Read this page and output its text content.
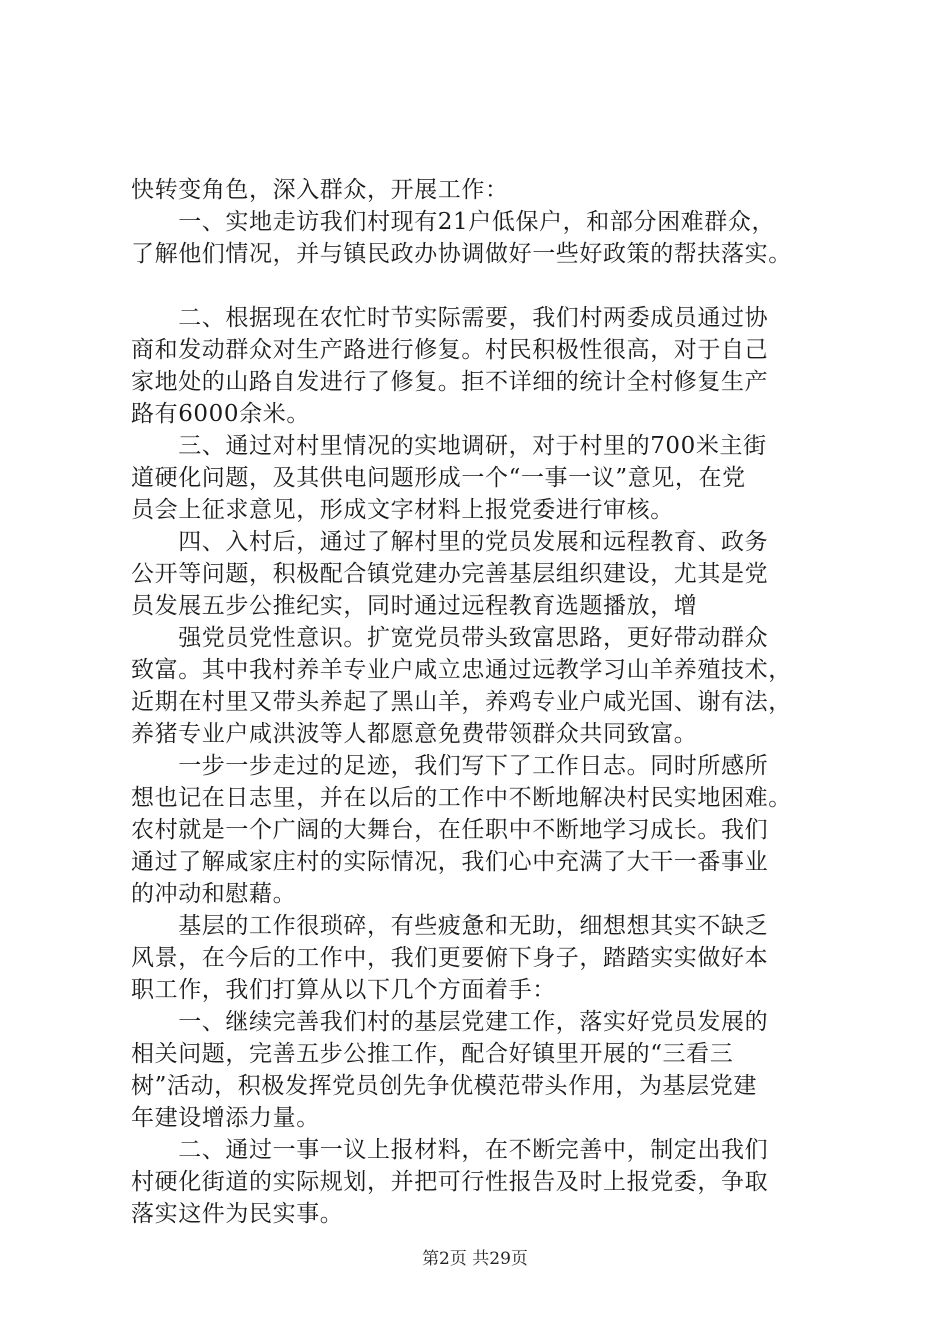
快转变角色，深入群众，开展工作：
　　一、实地走访我们村现有21户低保户，和部分困难群众，
了解他们情况，并与镇民政办协调做好一些好政策的帮扶落实。
　　二、根据现在农忙时节实际需要，我们村两委成员通过协
商和发动群众对生产路进行修复。村民积极性很高，对于自己
家地处的山路自发进行了修复。拒不详细的统计全村修复生产
路有6000余米。
　　三、通过对村里情况的实地调研，对于村里的700米主街
道硬化问题，及其供电问题形成一个“一事一议”意见，在党
员会上征求意见，形成文字材料上报党委进行审核。
　　四、入村后，通过了解村里的党员发展和远程教育、政务
公开等问题，积极配合镇党建办完善基层组织建设，尤其是党
员发展五步公推纪实，同时通过远程教育选题播放，增
　　强党员党性意识。扩宽党员带头致富思路，更好带动群众
致富。其中我村养羊专业户咸立忠通过远教学习山羊养殖技术，
近期在村里又带头养起了黑山羊，养鸡专业户咸光国、谢有法，
养猪专业户咸洪波等人都愿意免费带领群众共同致富。
　　一步一步走过的足迹，我们写下了工作日志。同时所感所
想也记在日志里，并在以后的工作中不断地解决村民实地困难。
农村就是一个广阔的大舞台，在任职中不断地学习成长。我们
通过了解咸家庄村的实际情况，我们心中充满了大干一番事业
的冲动和慰藉。
　　基层的工作很琐碎，有些疲惫和无助，细想想其实不缺乏
风景，在今后的工作中，我们更要俯下身子，踏踏实实做好本
职工作，我们打算从以下几个方面着手：
　　一、继续完善我们村的基层党建工作，落实好党员发展的
相关问题，完善五步公推工作，配合好镇里开展的“三看三
树”活动，积极发挥党员创先争优模范带头作用，为基层党建
年建设增添力量。
　　二、通过一事一议上报材料，在不断完善中，制定出我们
村硬化街道的实际规划，并把可行性报告及时上报党委，争取
落实这件为民实事。
第2页 共29页
